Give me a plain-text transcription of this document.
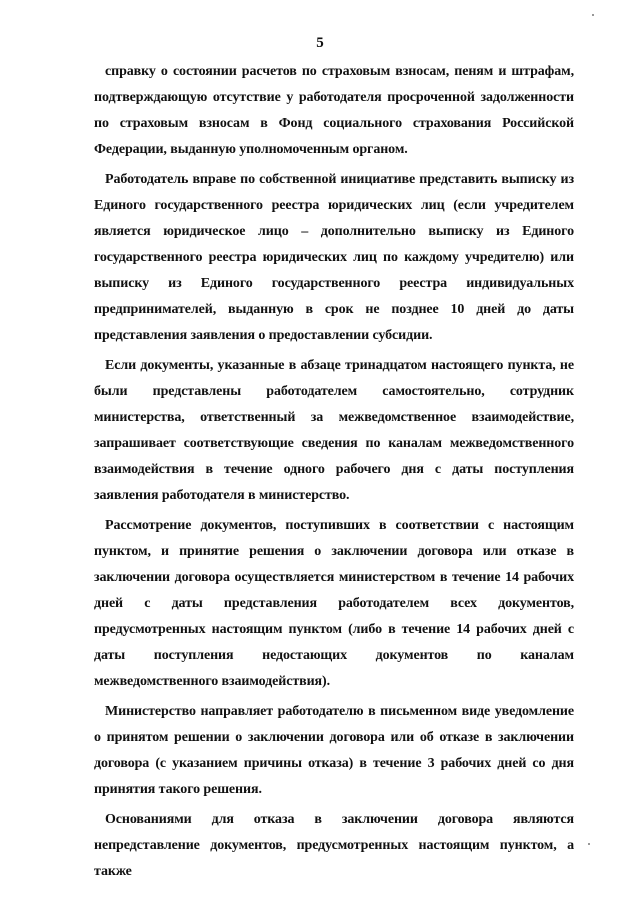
5

справку о состоянии расчетов по страховым взносам, пеням и штрафам, подтверждающую отсутствие у работодателя просроченной задолженности по страховым взносам в Фонд социального страхования Российской Федерации, выданную уполномоченным органом.

Работодатель вправе по собственной инициативе представить выписку из Единого государственного реестра юридических лиц (если учредителем является юридическое лицо – дополнительно выписку из Единого государственного реестра юридических лиц по каждому учредителю) или выписку из Единого государственного реестра индивидуальных предпринимателей, выданную в срок не позднее 10 дней до даты представления заявления о предоставлении субсидии.

Если документы, указанные в абзаце тринадцатом настоящего пункта, не были представлены работодателем самостоятельно, сотрудник министерства, ответственный за межведомственное взаимодействие, запрашивает соответствующие сведения по каналам межведомственного взаимодействия в течение одного рабочего дня с даты поступления заявления работодателя в министерство.

Рассмотрение документов, поступивших в соответствии с настоящим пунктом, и принятие решения о заключении договора или отказе в заключении договора осуществляется министерством в течение 14 рабочих дней с даты представления работодателем всех документов, предусмотренных настоящим пунктом (либо в течение 14 рабочих дней с даты поступления недостающих документов по каналам межведомственного взаимодействия).

Министерство направляет работодателю в письменном виде уведомление о принятом решении о заключении договора или об отказе в заключении договора (с указанием причины отказа) в течение 3 рабочих дней со дня принятия такого решения.

Основаниями для отказа в заключении договора являются непредставление документов, предусмотренных настоящим пунктом, а также
